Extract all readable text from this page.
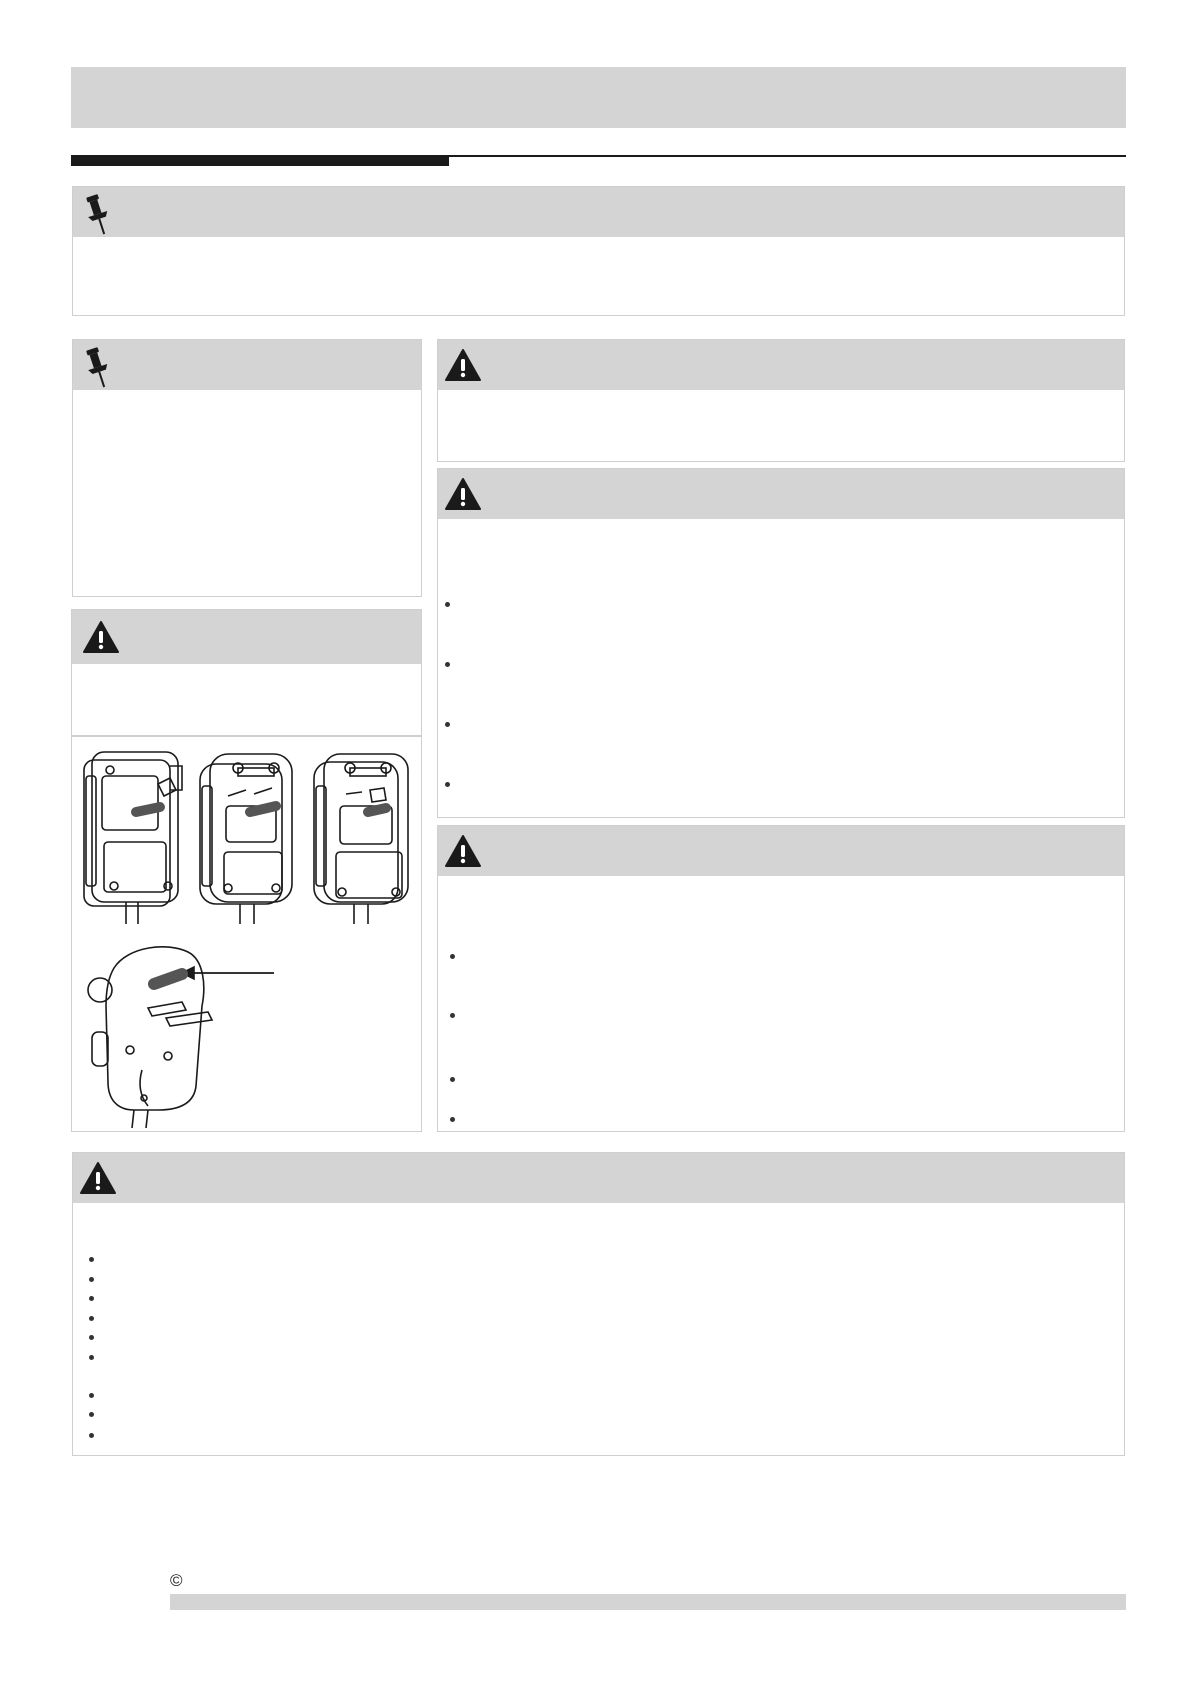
©
